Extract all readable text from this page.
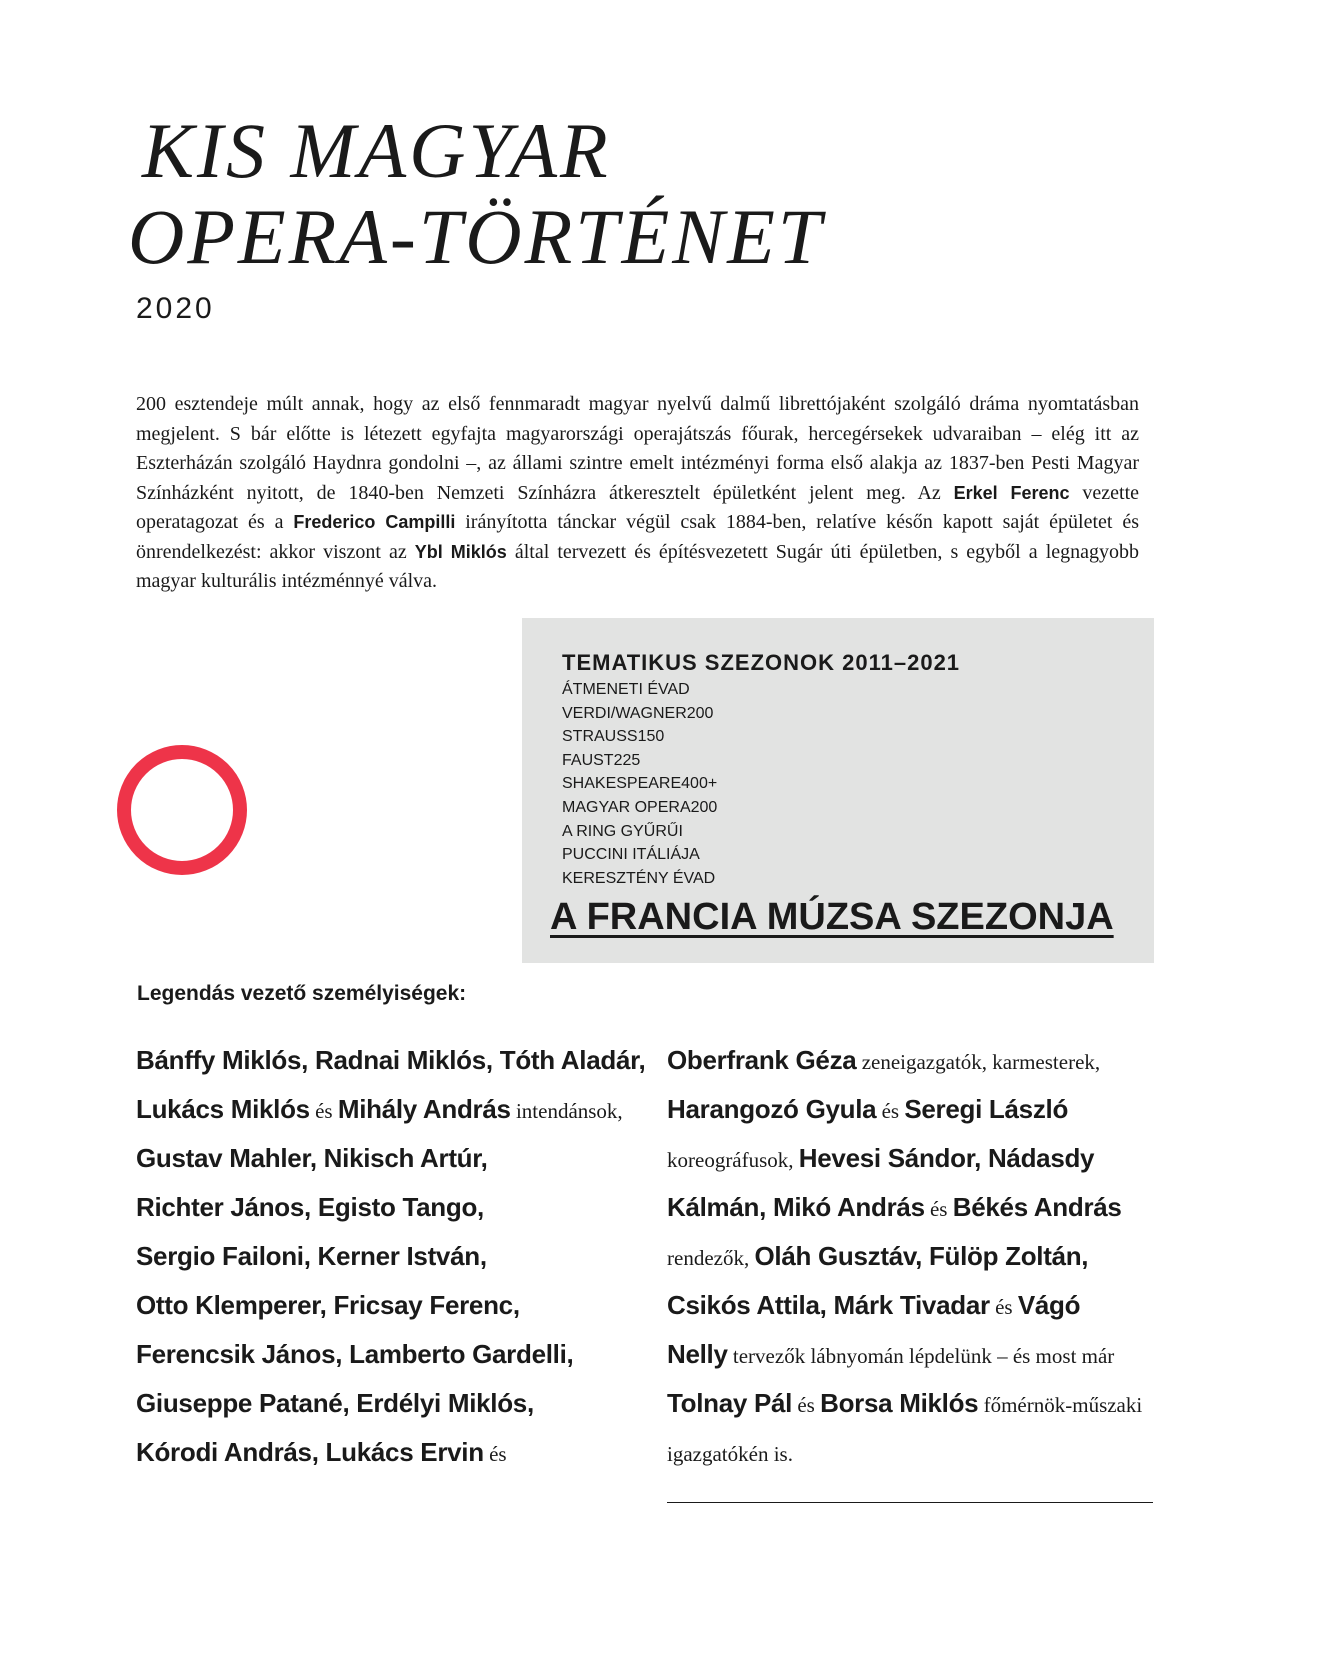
KIS MAGYAR
OPERA-TÖRTÉNET
2020

200 esztendeje múlt annak, hogy az első fennmaradt magyar nyelvű dalmű librettójaként szolgáló dráma nyomtatásban megjelent. S bár előtte is létezett egyfajta magyarországi operajátszás főurak, hercegérsekek udvaraiban – elég itt az Eszterházán szolgáló Haydnra gondolni –, az állami szintre emelt intézményi forma első alakja az 1837-ben Pesti Magyar Színházként nyitott, de 1840-ben Nemzeti Színházra átkeresztelt épületként jelent meg. Az Erkel Ferenc vezette operatagozat és a Frederico Campilli irányította tánckar végül csak 1884-ben, relatíve későn kapott saját épületet és önrendelkezést: akkor viszont az Ybl Miklós által tervezett és építésvezetett Sugár úti épületben, s egyből a legnagyobb magyar kulturális intézménnyé válva.

TEMATIKUS SZEZONOK 2011–2021
ÁTMENETI ÉVAD
VERDI/WAGNER200
STRAUSS150
FAUST225
SHAKESPEARE400+
MAGYAR OPERA200
A RING GYŰRŰI
PUCCINI ITÁLIÁJA
KERESZTÉNY ÉVAD
A FRANCIA MÚZSA SZEZONJA
Legendás vezető személyiségek:
Bánffy Miklós, Radnai Miklós, Tóth Aladár,
Lukács Miklós és Mihály András intendánsok,
Gustav Mahler, Nikisch Artúr,
Richter János, Egisto Tango,
Sergio Failoni, Kerner István,
Otto Klemperer, Fricsay Ferenc,
Ferencsik János, Lamberto Gardelli,
Giuseppe Patané, Erdélyi Miklós,
Kórodi András, Lukács Ervin és
Oberfrank Géza zeneigazgatók, karmesterek,
Harangozó Gyula és Seregi László
koreográfusok, Hevesi Sándor, Nádasdy
Kálmán, Mikó András és Békés András
rendezők, Oláh Gusztáv, Fülöp Zoltán,
Csikós Attila, Márk Tivadar és Vágó
Nelly tervezők lábnyomán lépdelünk – és most már
Tolnay Pál és Borsa Miklós főmérnök-műszaki
igazgatókén is.
